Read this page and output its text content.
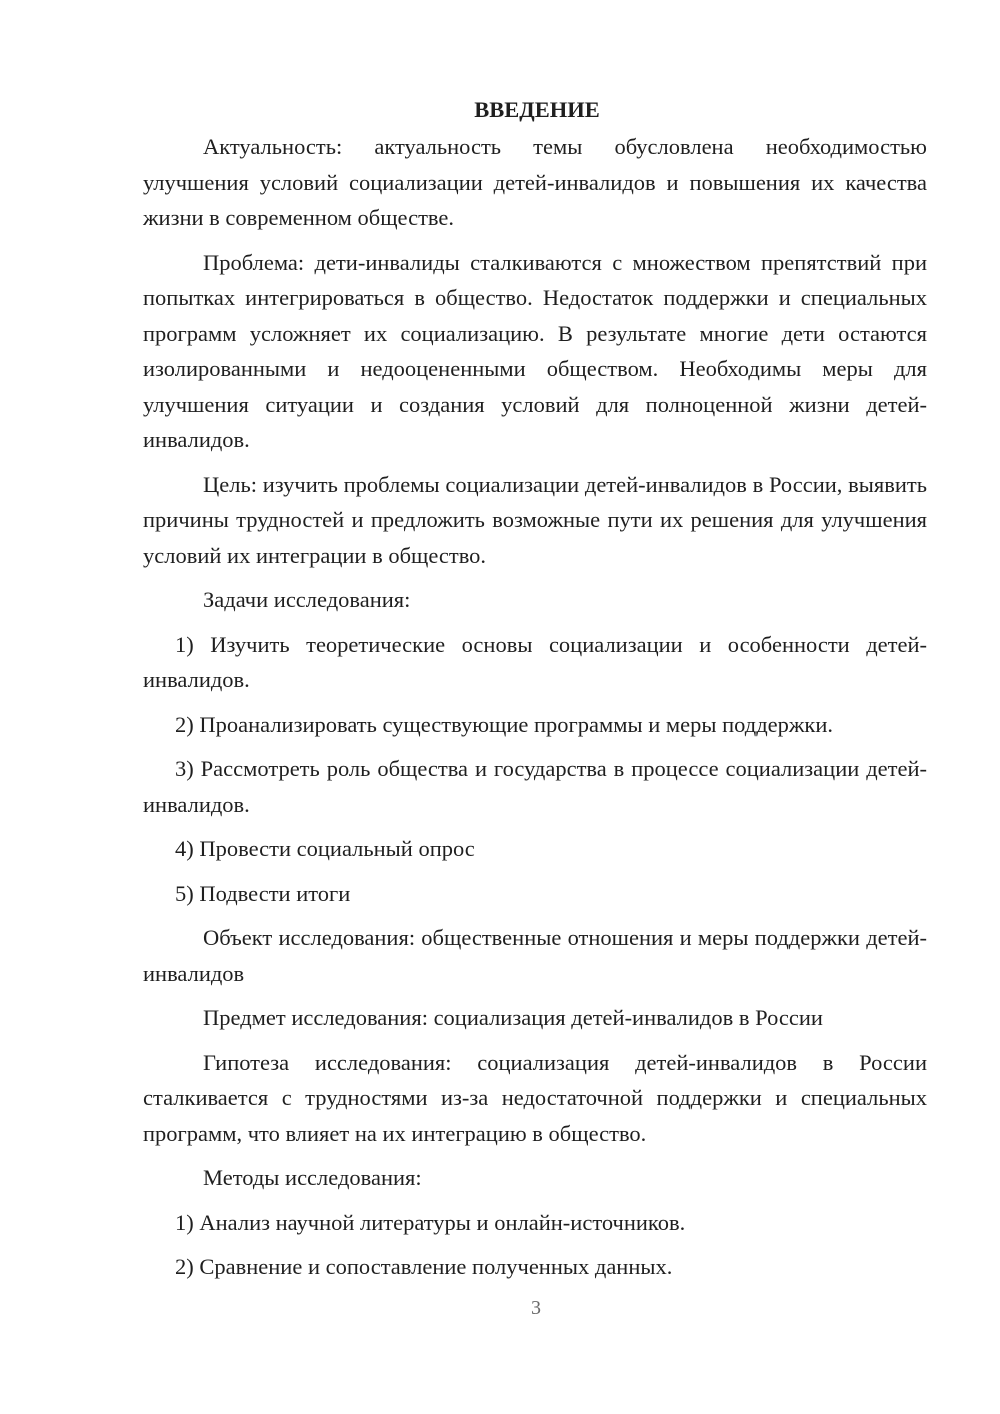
ВВЕДЕНИЕ

Актуальность: актуальность темы обусловлена необходимостью улучшения условий социализации детей-инвалидов и повышения их качества жизни в современном обществе.

Проблема: дети-инвалиды сталкиваются с множеством препятствий при попытках интегрироваться в общество. Недостаток поддержки и специальных программ усложняет их социализацию. В результате многие дети остаются изолированными и недооцененными обществом. Необходимы меры для улучшения ситуации и создания условий для полноценной жизни детей-инвалидов.

Цель: изучить проблемы социализации детей-инвалидов в России, выявить причины трудностей и предложить возможные пути их решения для улучшения условий их интеграции в общество.

Задачи исследования:

1) Изучить теоретические основы социализации и особенности детей-инвалидов.

2) Проанализировать существующие программы и меры поддержки.

3) Рассмотреть роль общества и государства в процессе социализации детей-инвалидов.

4) Провести социальный опрос

5) Подвести итоги

Объект исследования: общественные отношения и меры поддержки детей-инвалидов

Предмет исследования: социализация детей-инвалидов в России

Гипотеза исследования: социализация детей-инвалидов в России сталкивается с трудностями из-за недостаточной поддержки и специальных программ, что влияет на их интеграцию в общество.

Методы исследования:

1) Анализ научной литературы и онлайн-источников.

2) Сравнение и сопоставление полученных данных.

3
